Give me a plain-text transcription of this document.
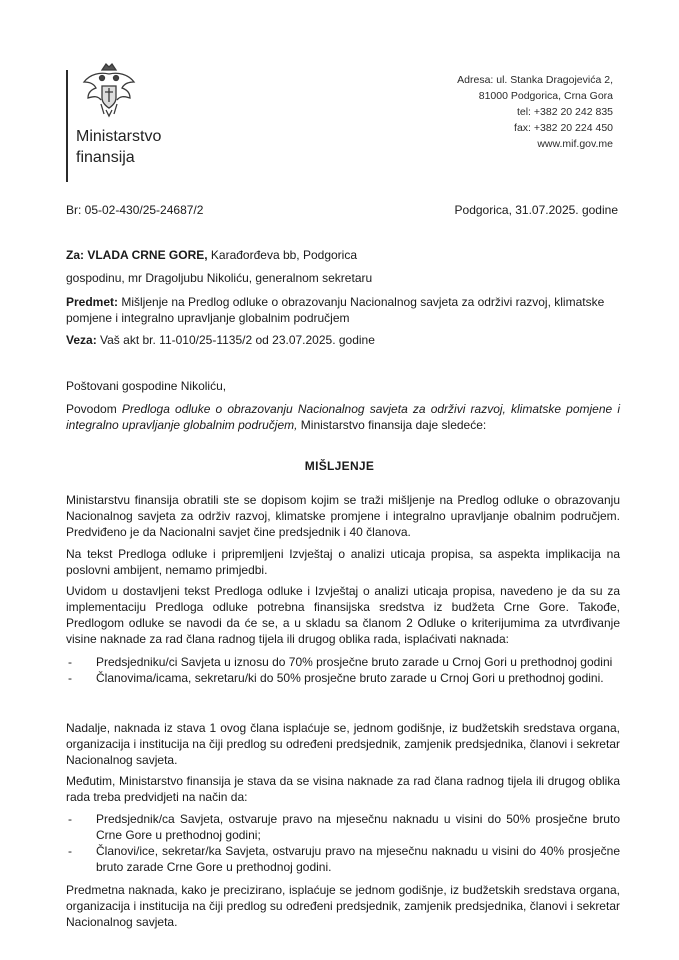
Ministarstvo
finansija
Adresa: ul. Stanka Dragojevića 2,
81000 Podgorica, Crna Gora
tel: +382 20 242 835
fax: +382 20 224 450
www.mif.gov.me
Br: 05-02-430/25-24687/2	Podgorica, 31.07.2025. godine
Za: VLADA CRNE GORE, Karađorđeva bb, Podgorica
gospodinu, mr Dragoljubu Nikoliću, generalnom sekretaru
Predmet: Mišljenje na Predlog odluke o obrazovanju Nacionalnog savjeta za održivi razvoj, klimatske pomjene i integralno upravljanje globalnim područjem
Veza: Vaš akt br. 11-010/25-1135/2 od 23.07.2025. godine
Poštovani gospodine Nikoliću,
Povodom Predloga odluke o obrazovanju Nacionalnog savjeta za održivi razvoj, klimatske pomjene i integralno upravljanje globalnim područjem, Ministarstvo finansija daje sledeće:
MIŠLJENJE
Ministarstvu finansija obratili ste se dopisom kojim se traži mišljenje na Predlog odluke o obrazovanju Nacionalnog savjeta za održiv razvoj, klimatske promjene i integralno upravljanje obalnim područjem. Predviđeno je da Nacionalni savjet čine predsjednik i 40 članova.
Na tekst Predloga odluke i pripremljeni Izvještaj o analizi uticaja propisa, sa aspekta implikacija na poslovni ambijent, nemamo primjedbi.
Uvidom u dostavljeni tekst Predloga odluke i Izvještaj o analizi uticaja propisa, navedeno je da su za implementaciju Predloga odluke potrebna finansijska sredstva iz budžeta Crne Gore. Takođe, Predlogom odluke se navodi da će se, a u skladu sa članom 2 Odluke o kriterijumima za utvrđivanje visine naknade za rad člana radnog tijela ili drugog oblika rada, isplaćivati naknada:
- Predsjedniku/ci Savjeta u iznosu do 70% prosječne bruto zarade u Crnoj Gori u prethodnoj godini
- Članovima/icama, sekretaru/ki do 50% prosječne bruto zarade u Crnoj Gori u prethodnoj godini.
Nadalje, naknada iz stava 1 ovog člana isplaćuje se, jednom godišnje, iz budžetskih sredstava organa, organizacija i institucija na čiji predlog su određeni predsjednik, zamjenik predsjednika, članovi i sekretar Nacionalnog savjeta.
Međutim, Ministarstvo finansija je stava da se visina naknade za rad člana radnog tijela ili drugog oblika rada treba predvidjeti na način da:
- Predsjednik/ca Savjeta, ostvaruje pravo na mjesečnu naknadu u visini do 50% prosječne bruto Crne Gore u prethodnoj godini;
- Članovi/ice, sekretar/ka Savjeta, ostvaruju pravo na mjesečnu naknadu u visini do 40% prosječne bruto zarade Crne Gore u prethodnoj godini.
Predmetna naknada, kako je precizirano, isplaćuje se jednom godišnje, iz budžetskih sredstava organa, organizacija i institucija na čiji predlog su određeni predsjednik, zamjenik predsjednika, članovi i sekretar Nacionalnog savjeta.
